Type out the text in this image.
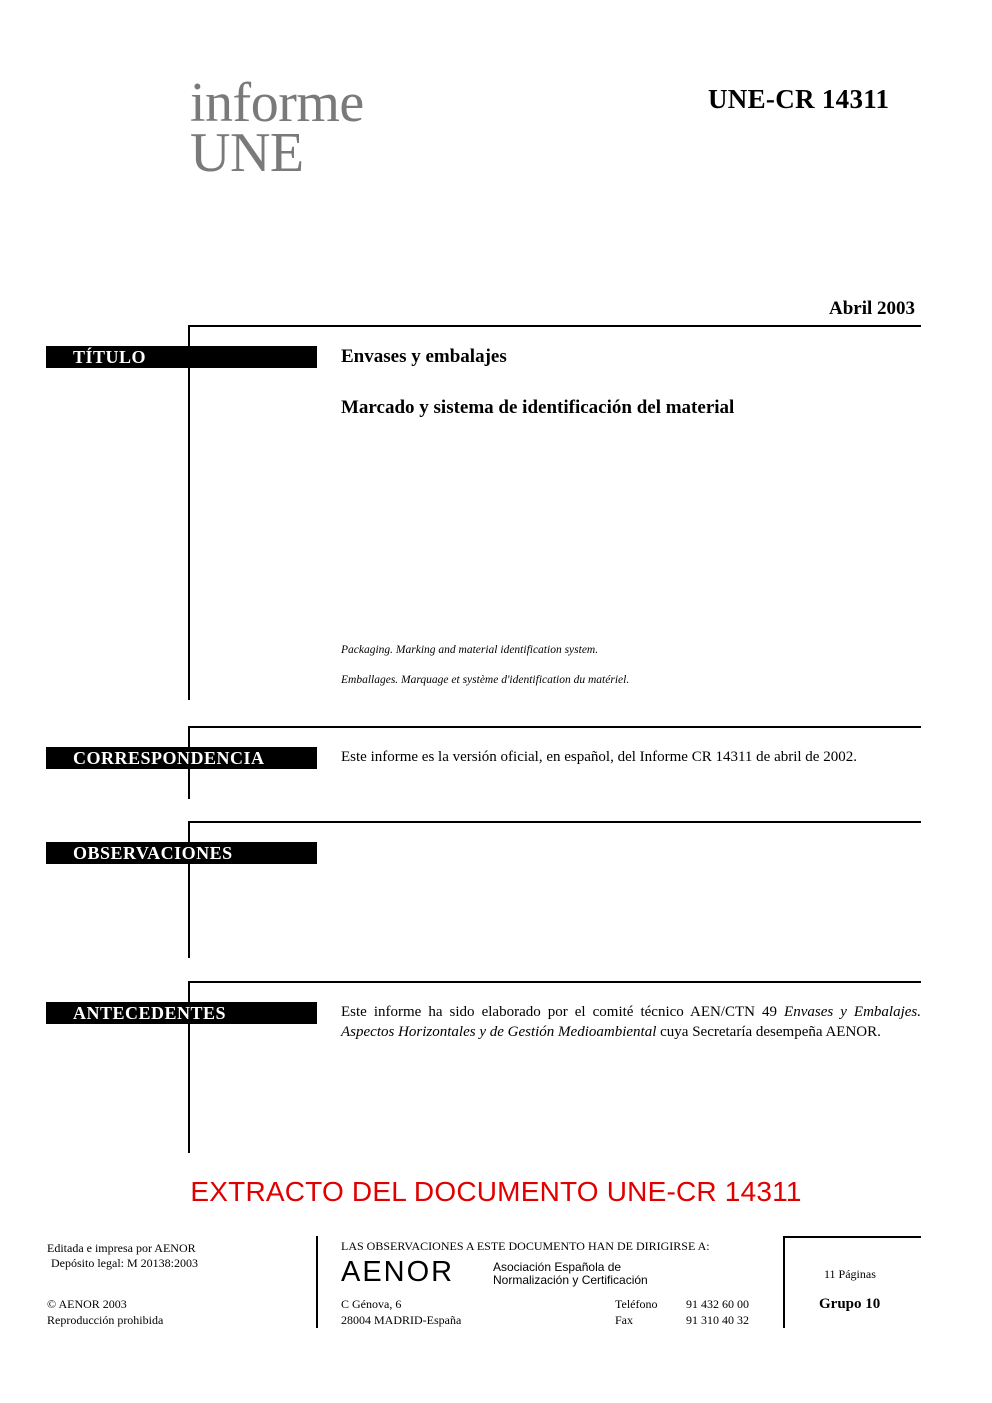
informe
UNE
UNE-CR 14311
Abril 2003
TÍTULO	Envases y embalajes
Marcado y sistema de identificación del material
Packaging. Marking and material identification system.
Emballages. Marquage et système d'identification du matériel.
CORRESPONDENCIA	Este informe es la versión oficial, en español, del Informe CR 14311 de abril de 2002.
OBSERVACIONES
ANTECEDENTES	Este informe ha sido elaborado por el comité técnico AEN/CTN 49 Envases y Embalajes. Aspectos Horizontales y de Gestión Medioambiental cuya Secretaría desempeña AENOR.
EXTRACTO DEL DOCUMENTO UNE-CR 14311
Editada e impresa por AENOR
Depósito legal: M 20138:2003
© AENOR 2003
Reproducción prohibida
LAS OBSERVACIONES A ESTE DOCUMENTO HAN DE DIRIGIRSE A:
AENOR	Asociación Española de
Normalización y Certificación
C Génova, 6
28004 MADRID-España
Teléfono 91 432 60 00
Fax	91 310 40 32
11 Páginas
Grupo 10
